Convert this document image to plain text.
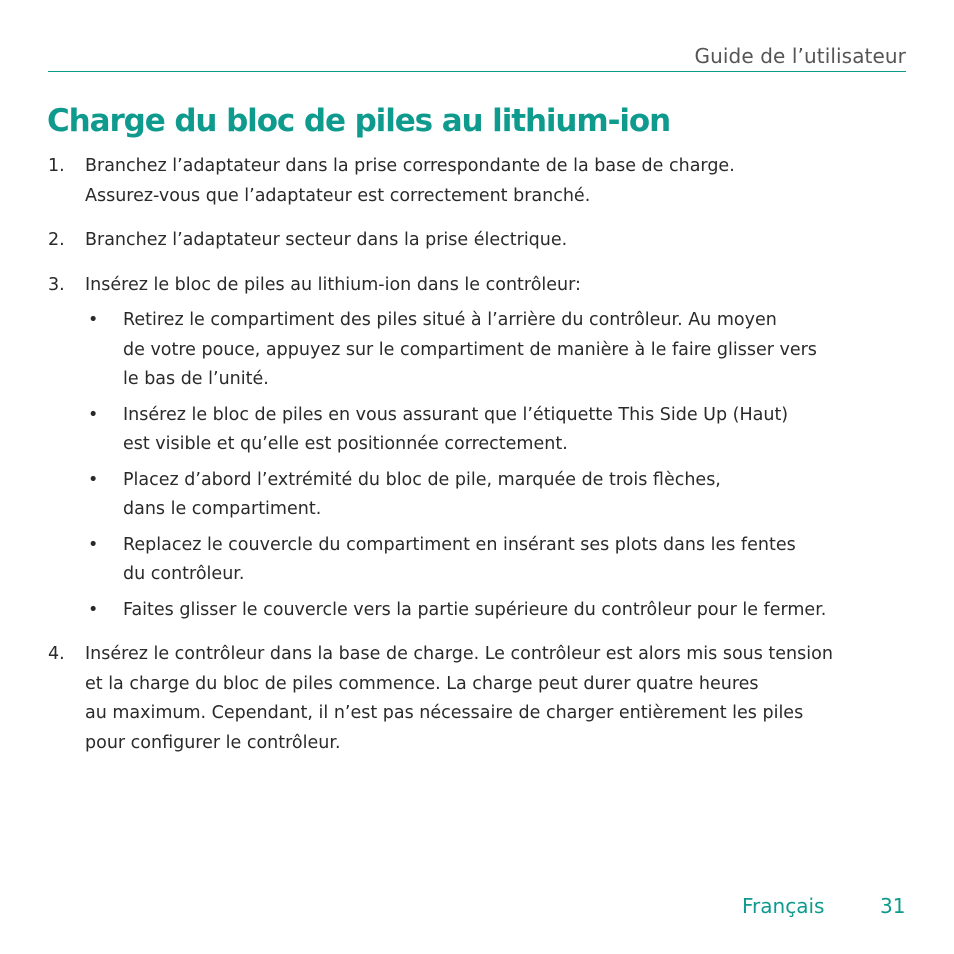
Guide de l’utilisateur
Charge du bloc de piles au lithium-ion
1. Branchez l’adaptateur dans la prise correspondante de la base de charge.
Assurez-vous que l’adaptateur est correctement branché.
2. Branchez l’adaptateur secteur dans la prise électrique.
3. Insérez le bloc de piles au lithium-ion dans le contrôleur:
• Retirez le compartiment des piles situé à l’arrière du contrôleur. Au moyen
de votre pouce, appuyez sur le compartiment de manière à le faire glisser vers
le bas de l’unité.
• Insérez le bloc de piles en vous assurant que l’étiquette This Side Up (Haut)
est visible et qu’elle est positionnée correctement.
• Placez d’abord l’extrémité du bloc de pile, marquée de trois flèches,
dans le compartiment.
• Replacez le couvercle du compartiment en insérant ses plots dans les fentes
du contrôleur.
• Faites glisser le couvercle vers la partie supérieure du contrôleur pour le fermer.
4. Insérez le contrôleur dans la base de charge. Le contrôleur est alors mis sous tension
et la charge du bloc de piles commence. La charge peut durer quatre heures
au maximum. Cependant, il n’est pas nécessaire de charger entièrement les piles
pour configurer le contrôleur.
Français	31
